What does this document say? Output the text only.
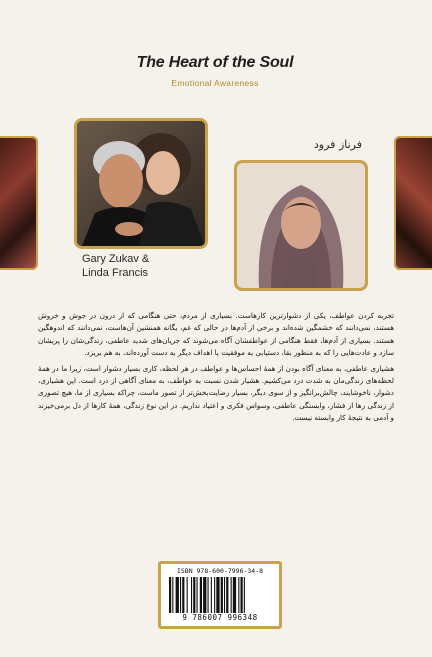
The Heart of the Soul
Emotional Awareness
Gary Zukav &
Linda Francis
فرناز فرود

تجربه کردن عواطف، یکی از دشوارترین کارهاست. بسیاری از مردم، حتی هنگامی که از درون در جوش و خروش هستند، نمی‌دانند که خشمگین شده‌اند و برخی از آدم‌ها در حالی که غم، یگانه همنشین آن‌هاست، نمی‌دانند که اندوهگین هستند. بسیاری از آدم‌ها، فقط هنگامی از عواطفشان آگاه می‌شوند که جریان‌های شدید عاطفی، زندگی‌شان را پریشان سازد و عادت‌هایی را که به منظور بقا، دستیابی به موفقیت یا اهداف دیگر به دست آورده‌اند، به هم بریزد.

هشیاری عاطفی، به معنای آگاه بودن از همهٔ احساس‌ها و عواطف در هر لحظه، کاری بسیار دشوار است، زیرا ما در همهٔ لحظه‌های زندگی‌مان به شدت درد می‌کشیم. هشیار شدن نسبت به عواطف، به معنای آگاهی از درد است. این هشیاری، دشوار، ناخوشایند، چالش‌برانگیز و از سوی دیگر، بسیار رضایت‌بخش‌تر از تصور ماست، چراکه بسیاری از ما، هیچ تصوری از زندگی رها از فشار، وابستگی عاطفی، وسواس فکری و اعتیاد نداریم. در این نوع زندگی، همهٔ کارها از دل برمی‌خیزند و آدمی به نتیجهٔ کار وابسته نیست.

ISBN 978-600-7996-34-8
9 786007 996348
